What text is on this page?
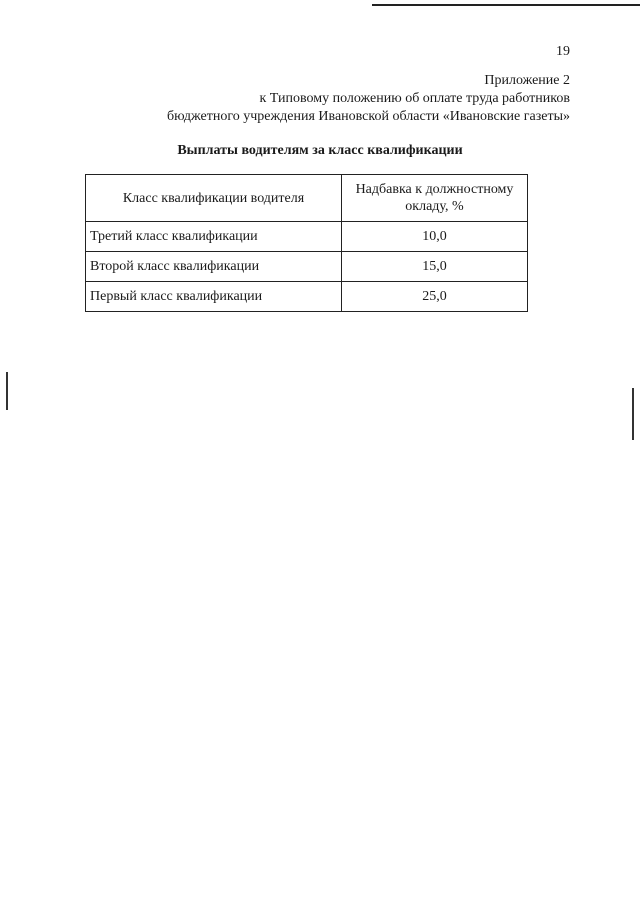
19
Приложение 2
к Типовому положению об оплате труда работников
бюджетного учреждения Ивановской области «Ивановские газеты»
Выплаты водителям за класс квалификации
Класс квалификации водителя	Надбавка к должностному окладу, %
Третий класс квалификации	10,0
Второй класс квалификации	15,0
Первый класс квалификации	25,0
